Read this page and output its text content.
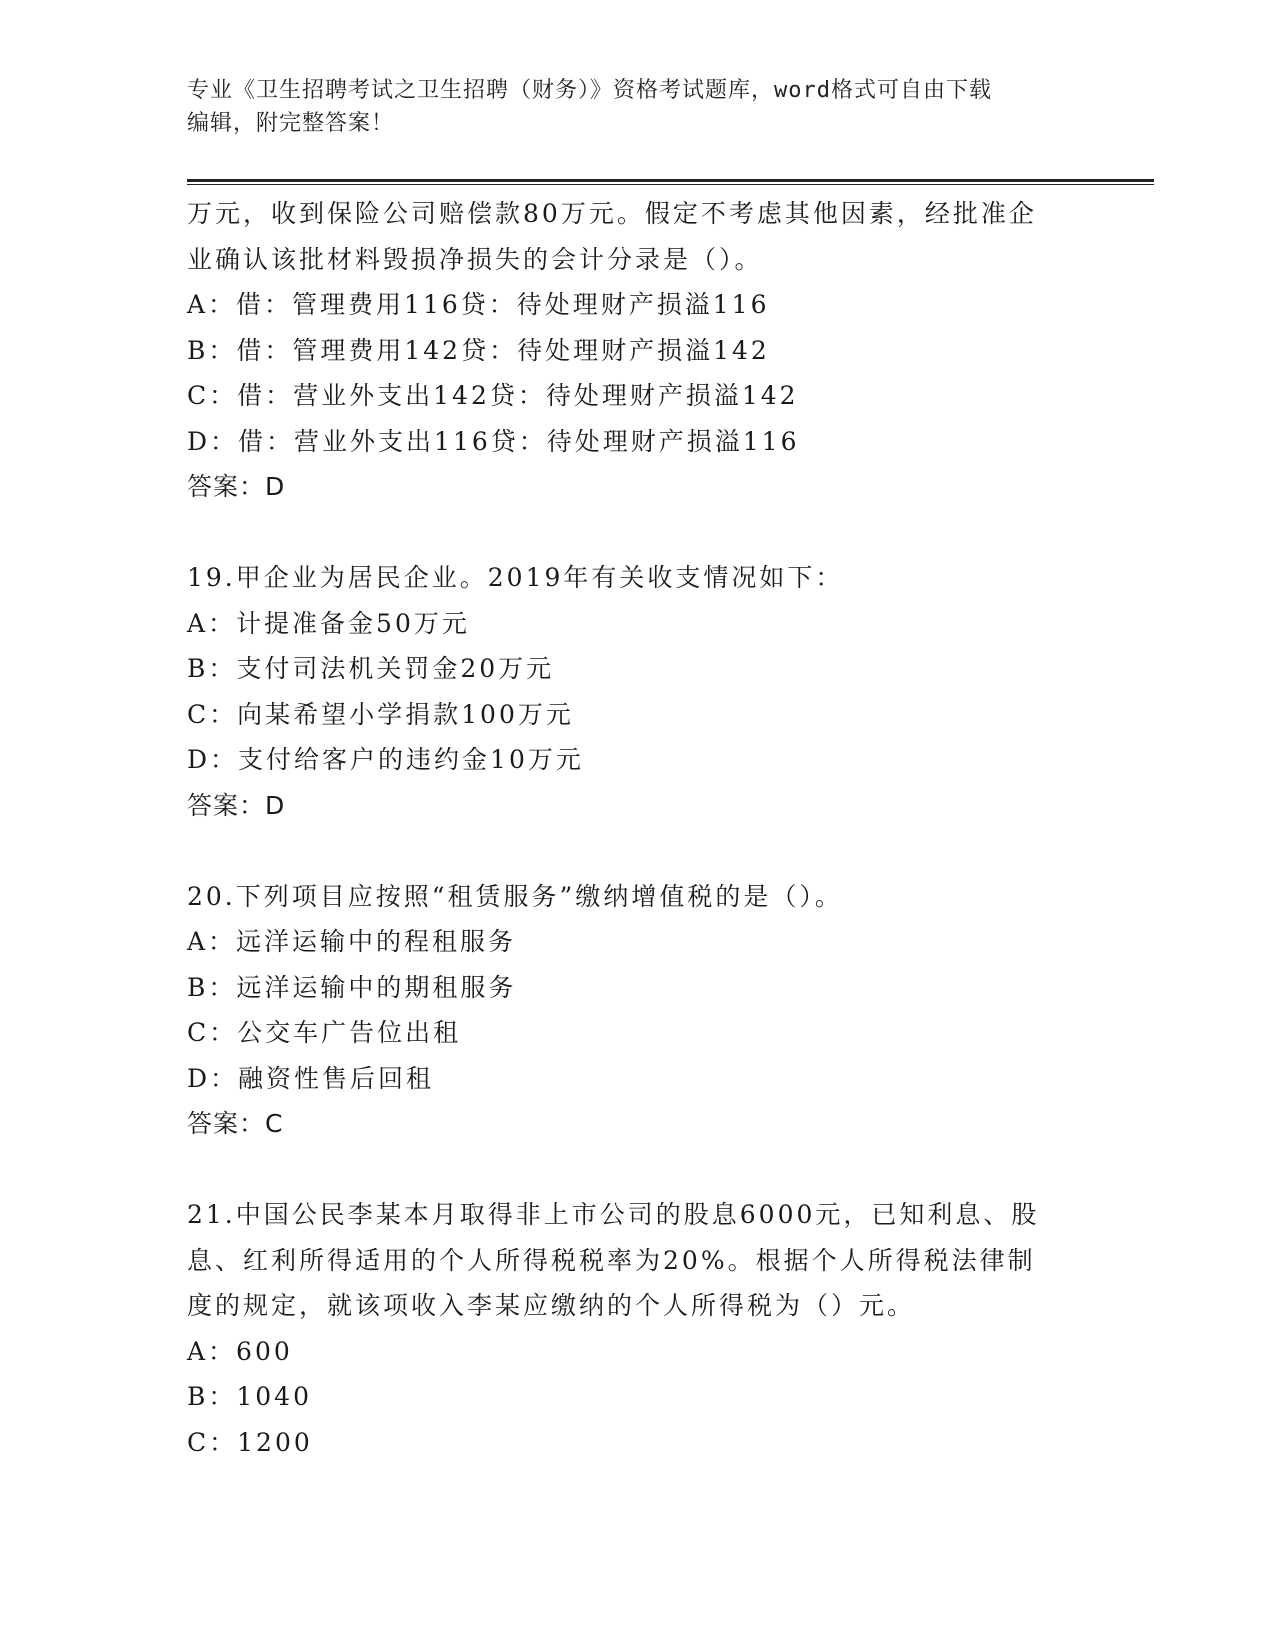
专业《卫生招聘考试之卫生招聘（财务）》资格考试题库，word格式可自由下载
编辑，附完整答案！
万元，收到保险公司赔偿款80万元。假定不考虑其他因素，经批准企
业确认该批材料毁损净损失的会计分录是（）。
A：借：管理费用116贷：待处理财产损溢116
B：借：管理费用142贷：待处理财产损溢142
C：借：营业外支出142贷：待处理财产损溢142
D：借：营业外支出116贷：待处理财产损溢116
答案：D
19.甲企业为居民企业。2019年有关收支情况如下：
A：计提准备金50万元
B：支付司法机关罚金20万元
C：向某希望小学捐款100万元
D：支付给客户的违约金10万元
答案：D
20.下列项目应按照“租赁服务”缴纳增值税的是（）。
A：远洋运输中的程租服务
B：远洋运输中的期租服务
C：公交车广告位出租
D：融资性售后回租
答案：C
21.中国公民李某本月取得非上市公司的股息6000元，已知利息、股
息、红利所得适用的个人所得税税率为20%。根据个人所得税法律制
度的规定，就该项收入李某应缴纳的个人所得税为（）元。
A：600
B：1040
C：1200
